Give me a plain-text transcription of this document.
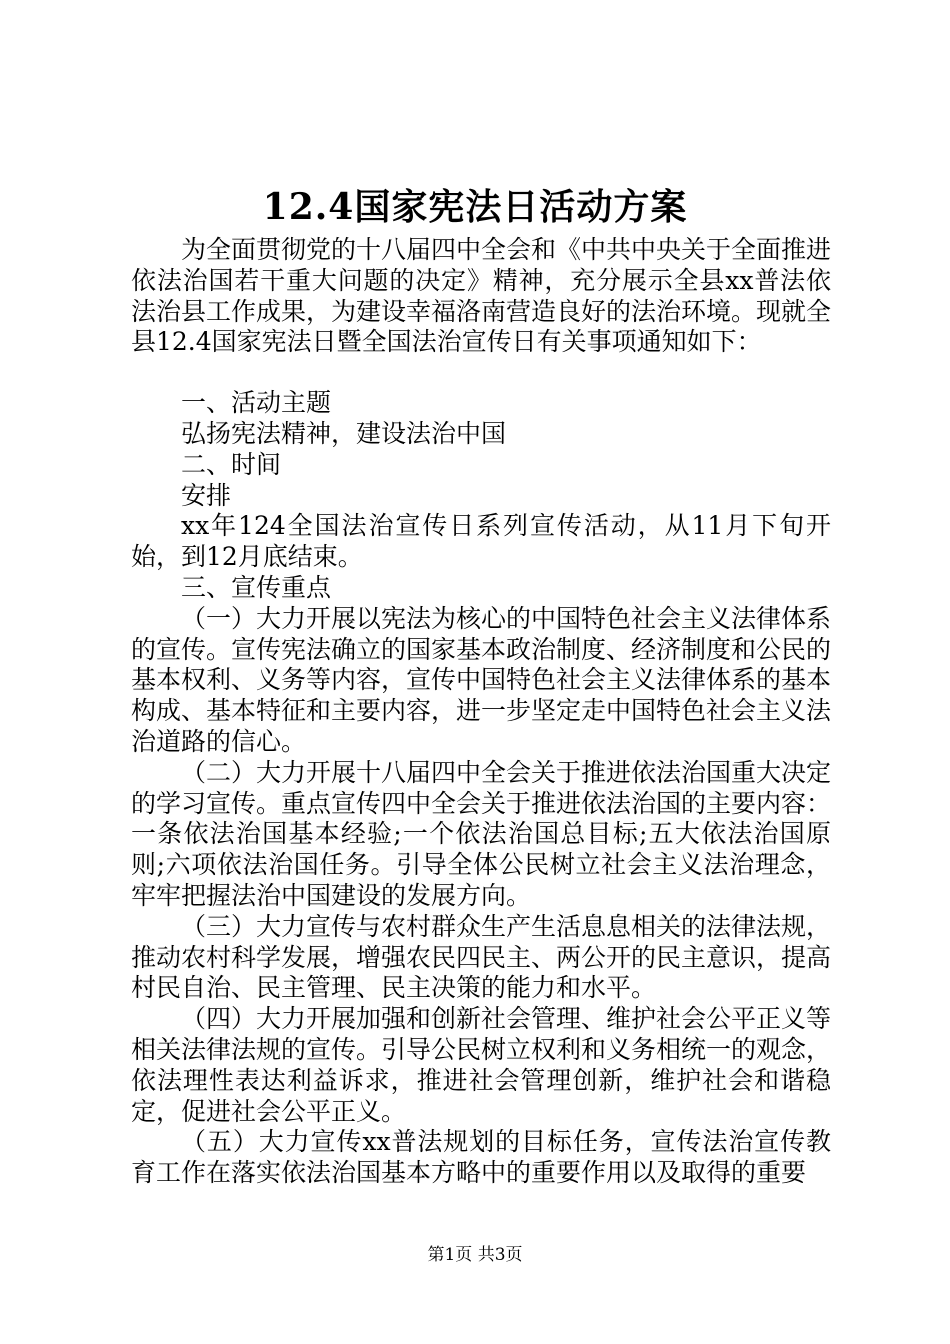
12.4国家宪法日活动方案

为全面贯彻党的十八届四中全会和《中共中央关于全面推进依法治国若干重大问题的决定》精神，充分展示全县xx普法依法治县工作成果，为建设幸福洛南营造良好的法治环境。现就全县12.4国家宪法日暨全国法治宣传日有关事项通知如下：

一、活动主题

弘扬宪法精神，建设法治中国

二、时间

安排

xx年124全国法治宣传日系列宣传活动，从11月下旬开始，到12月底结束。

三、宣传重点

（一）大力开展以宪法为核心的中国特色社会主义法律体系的宣传。宣传宪法确立的国家基本政治制度、经济制度和公民的基本权利、义务等内容，宣传中国特色社会主义法律体系的基本构成、基本特征和主要内容，进一步坚定走中国特色社会主义法治道路的信心。

（二）大力开展十八届四中全会关于推进依法治国重大决定的学习宣传。重点宣传四中全会关于推进依法治国的主要内容：一条依法治国基本经验;一个依法治国总目标;五大依法治国原则;六项依法治国任务。引导全体公民树立社会主义法治理念，牢牢把握法治中国建设的发展方向。

（三）大力宣传与农村群众生产生活息息相关的法律法规，推动农村科学发展，增强农民四民主、两公开的民主意识，提高村民自治、民主管理、民主决策的能力和水平。

（四）大力开展加强和创新社会管理、维护社会公平正义等相关法律法规的宣传。引导公民树立权利和义务相统一的观念，依法理性表达利益诉求，推进社会管理创新，维护社会和谐稳定，促进社会公平正义。

（五）大力宣传xx普法规划的目标任务，宣传法治宣传教育工作在落实依法治国基本方略中的重要作用以及取得的重要

第1页 共3页
